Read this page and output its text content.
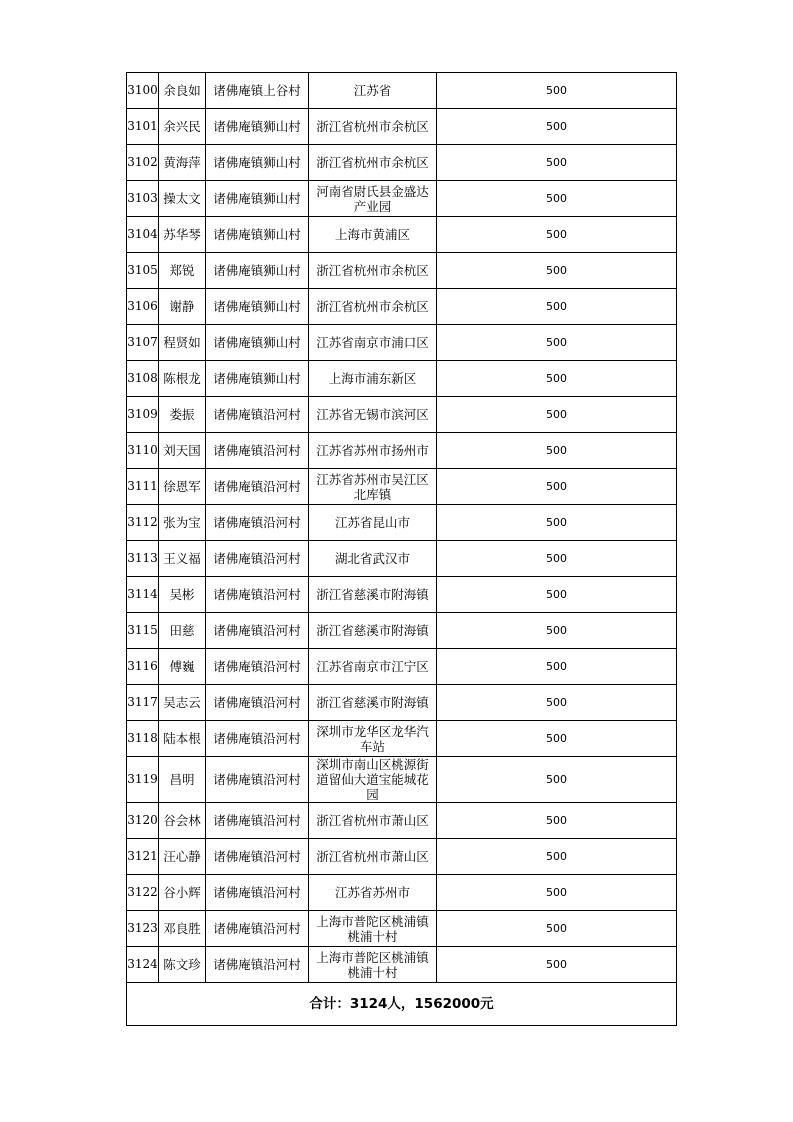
3100	余良如	诸佛庵镇上谷村	江苏省	500
3101	余兴民	诸佛庵镇狮山村	浙江省杭州市余杭区	500
3102	黄海萍	诸佛庵镇狮山村	浙江省杭州市余杭区	500
3103	操太文	诸佛庵镇狮山村	河南省尉氏县金盛达产业园	500
3104	苏华琴	诸佛庵镇狮山村	上海市黄浦区	500
3105	郑锐	诸佛庵镇狮山村	浙江省杭州市余杭区	500
3106	谢静	诸佛庵镇狮山村	浙江省杭州市余杭区	500
3107	程贤如	诸佛庵镇狮山村	江苏省南京市浦口区	500
3108	陈根龙	诸佛庵镇狮山村	上海市浦东新区	500
3109	娄振	诸佛庵镇沿河村	江苏省无锡市滨河区	500
3110	刘天国	诸佛庵镇沿河村	江苏省苏州市扬州市	500
3111	徐恩军	诸佛庵镇沿河村	江苏省苏州市吴江区北库镇	500
3112	张为宝	诸佛庵镇沿河村	江苏省昆山市	500
3113	王义福	诸佛庵镇沿河村	湖北省武汉市	500
3114	吴彬	诸佛庵镇沿河村	浙江省慈溪市附海镇	500
3115	田慈	诸佛庵镇沿河村	浙江省慈溪市附海镇	500
3116	傅巍	诸佛庵镇沿河村	江苏省南京市江宁区	500
3117	吴志云	诸佛庵镇沿河村	浙江省慈溪市附海镇	500
3118	陆本根	诸佛庵镇沿河村	深圳市龙华区龙华汽车站	500
3119	昌明	诸佛庵镇沿河村	深圳市南山区桃源街道留仙大道宝能城花园	500
3120	谷会林	诸佛庵镇沿河村	浙江省杭州市萧山区	500
3121	汪心静	诸佛庵镇沿河村	浙江省杭州市萧山区	500
3122	谷小辉	诸佛庵镇沿河村	江苏省苏州市	500
3123	邓良胜	诸佛庵镇沿河村	上海市普陀区桃浦镇桃浦十村	500
3124	陈文珍	诸佛庵镇沿河村	上海市普陀区桃浦镇桃浦十村	500
合计：3124人，1562000元				
